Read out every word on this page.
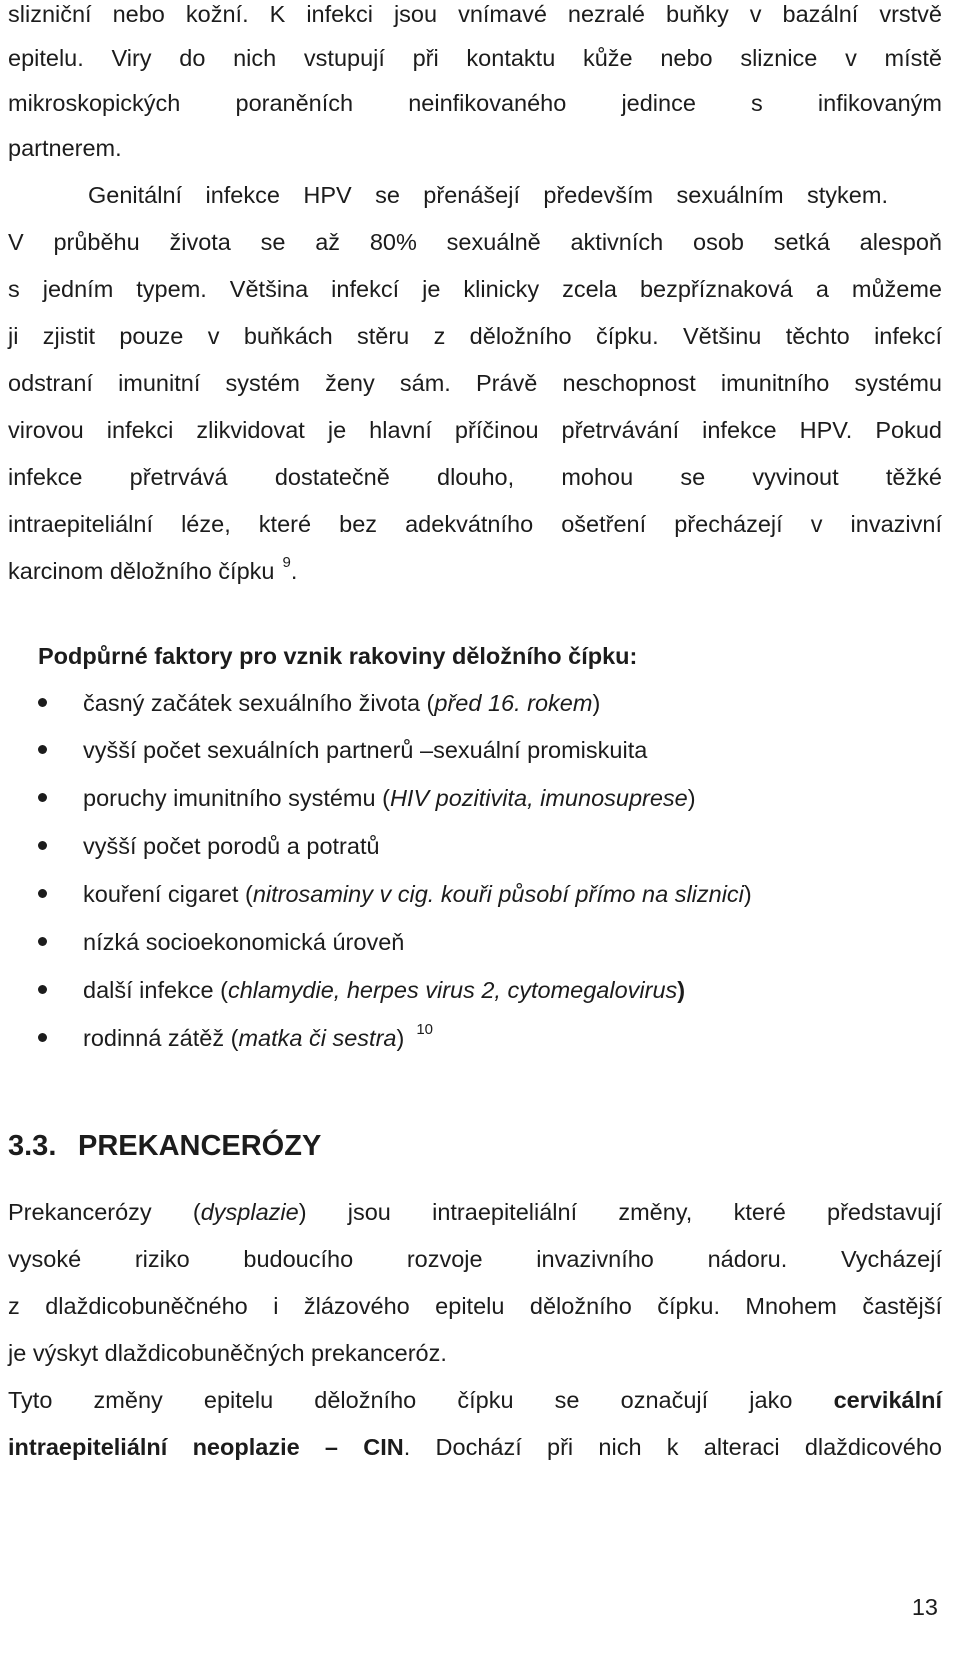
slizniční nebo kožní. K infekci jsou vnímavé nezralé buňky v bazální vrstvě
epitelu. Viry do nich vstupují při kontaktu kůže nebo sliznice v místě
mikroskopických poraněních neinfikovaného jedince s infikovaným
partnerem.
Genitální infekce HPV se přenášejí především sexuálním stykem.
V průběhu života se až 80% sexuálně aktivních osob setká alespoň
s jedním typem. Většina infekcí je klinicky zcela bezpříznaková a můžeme
ji zjistit pouze v buňkách stěru z děložního čípku. Většinu těchto infekcí
odstraní imunitní systém ženy sám. Právě neschopnost imunitního systému
virovou infekci zlikvidovat je hlavní příčinou přetrvávání infekce HPV. Pokud
infekce přetrvává dostatečně dlouho, mohou se vyvinout těžké
intraepiteliální léze, které bez adekvátního ošetření přecházejí v invazivní
karcinom děložního čípku $^9$.
Podpůrné faktory pro vznik rakoviny děložního čípku:
časný začátek sexuálního života (před 16. rokem)
vyšší počet sexuálních partnerů –sexuální promiskuita
poruchy imunitního systému (HIV pozitivita, imunosuprese)
vyšší počet porodů a potratů
kouření cigaret (nitrosaminy v cig. kouři působí přímo na sliznici)
nízká socioekonomická úroveň
další infekce (chlamydie, herpes virus 2, cytomegalovirus)
rodinná zátěž (matka či sestra) $^{10}$
3.3. PREKANCERÓZY
Prekancerózy (dysplazie) jsou intraepiteliální změny, které představují
vysoké riziko budoucího rozvoje invazivního nádoru. Vycházejí
z dlaždicobuněčného i žlázového epitelu děložního čípku. Mnohem častější
je výskyt dlaždicobuněčných prekanceróz.
Tyto změny epitelu děložního čípku se označují jako cervikální
intraepiteliální neoplazie – CIN. Dochází při nich k alteraci dlaždicového
13
